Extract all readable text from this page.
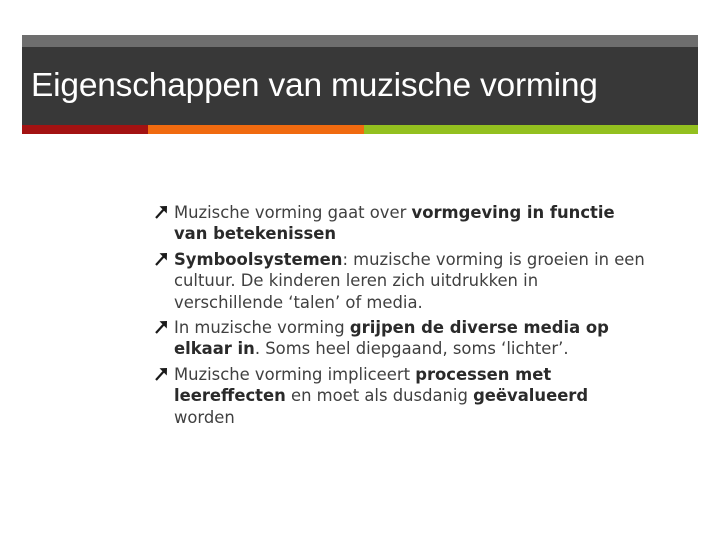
Eigenschappen van muzische vorming
Muzische vorming gaat over vormgeving in functie van betekenissen
Symboolsystemen: muzische vorming is groeien in een cultuur. De kinderen leren zich uitdrukken in verschillende ‘talen’ of media.
In muzische vorming grijpen de diverse media op elkaar in. Soms heel diepgaand, soms ‘lichter’.
Muzische vorming impliceert processen met leereffecten en moet als dusdanig geëvalueerd worden
